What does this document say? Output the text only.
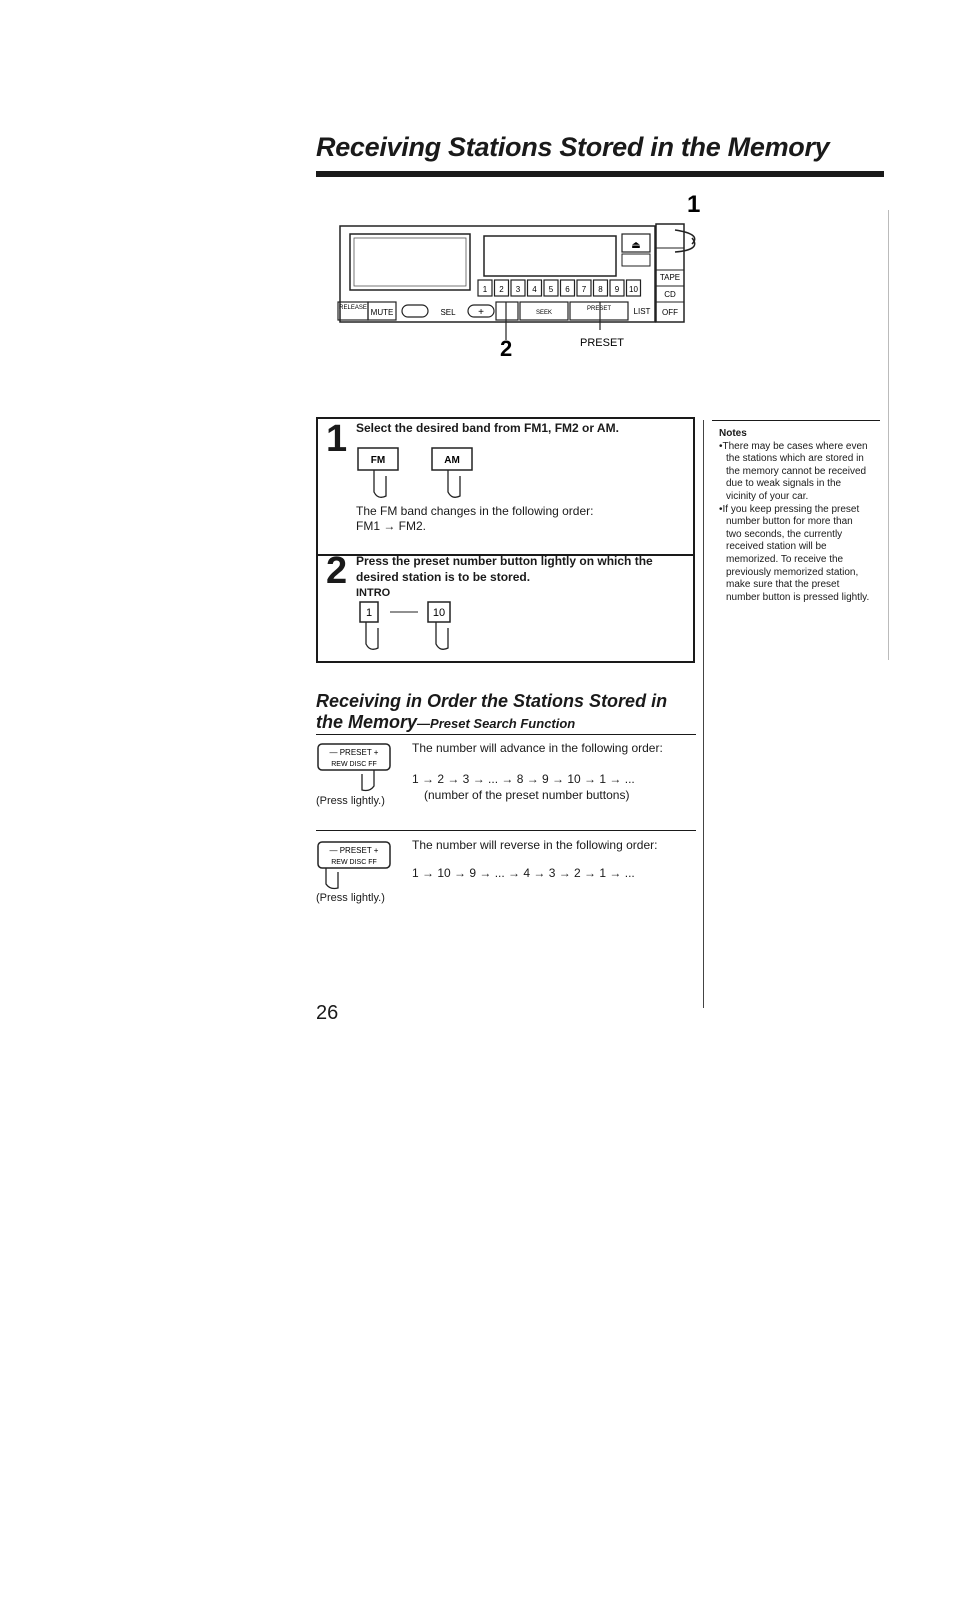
Receiving Stations Stored in the Memory
1
⏏
1 2 3 4 5 6 7 8 9 10
TAPE
CD
OFF
RELEASE MUTE	SEL +	SEEK
PRESET	LIST
2	PRESET
1 Select the desired band from FM1, FM2 or AM.
FM	AM
The FM band changes in the following order:
FM1 → FM2.
2 Press the preset number button lightly on which the desired station is to be stored.
INTRO
1	10
Notes
• There may be cases where even the stations which are stored in the memory cannot be received due to weak signals in the vicinity of your car.
• If you keep pressing the preset number button for more than two seconds, the currently received station will be memorized. To receive the previously memorized station, make sure that the preset number button is pressed lightly.
Receiving in Order the Stations Stored in the Memory—Preset Search Function
— PRESET +
REW DISC FF
(Press lightly.)
The number will advance in the following order:
1 → 2 → 3 → ... → 8 → 9 → 10 → 1 → ...
(number of the preset number buttons)
— PRESET +
REW DISC FF
(Press lightly.)
The number will reverse in the following order:
1 → 10 → 9 → ... → 4 → 3 → 2 → 1 → ...
26
